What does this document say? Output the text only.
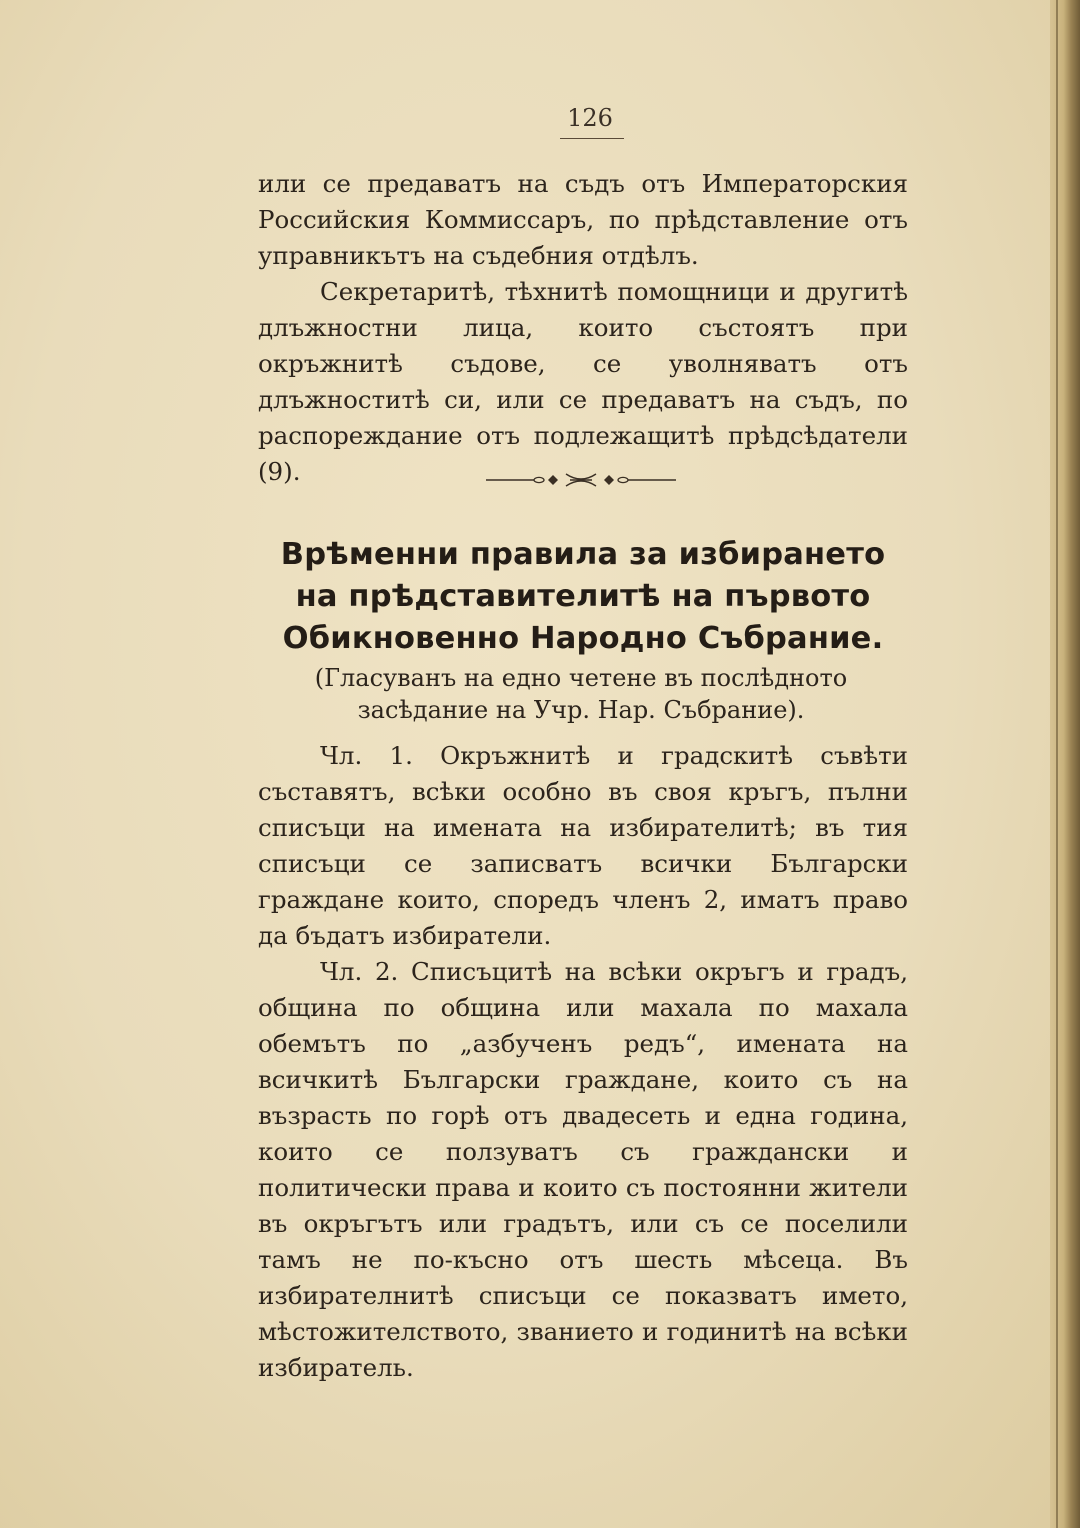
126

или се предаватъ на съдъ отъ Императорския Российския Коммиссаръ, по прѣдставление отъ управникътъ на съдебния отдѣлъ.

Секретаритѣ, тѣхнитѣ помощници и другитѣ длъжностни лица, които състоятъ при окръжнитѣ съдове, се уволняватъ отъ длъжноститѣ си, или се предаватъ на съдъ, по распореждание отъ подлежащитѣ прѣдсѣдатели (9).

Врѣменни правила за избирането на прѣдставителитѣ на първото Обикновенно Народно Събрание.
(Гласуванъ на едно четене въ послѣдното засѣдание на Учр. Нар. Събрание).

Чл. 1. Окръжнитѣ и градскитѣ съвѣти съставятъ, всѣки особно въ своя кръгъ, пълни списъци на имената на избирателитѣ; въ тия списъци се записватъ всички Български граждане които, споредъ членъ 2, иматъ право да бъдатъ избиратели.

Чл. 2. Списъцитѣ на всѣки окръгъ и градъ, община по община или махала по махала обемътъ по „азбученъ редъ“, имената на всичкитѣ Български граждане, които съ на възрасть по горѣ отъ двадесеть и една година, които се ползуватъ съ граждански и политически права и които съ постоянни жители въ окръгътъ или градътъ, или съ се поселили тамъ не по-късно отъ шесть мѣсеца. Въ избирателнитѣ списъци се показватъ името, мѣстожителството, званието и годинитѣ на всѣки избиратель.
